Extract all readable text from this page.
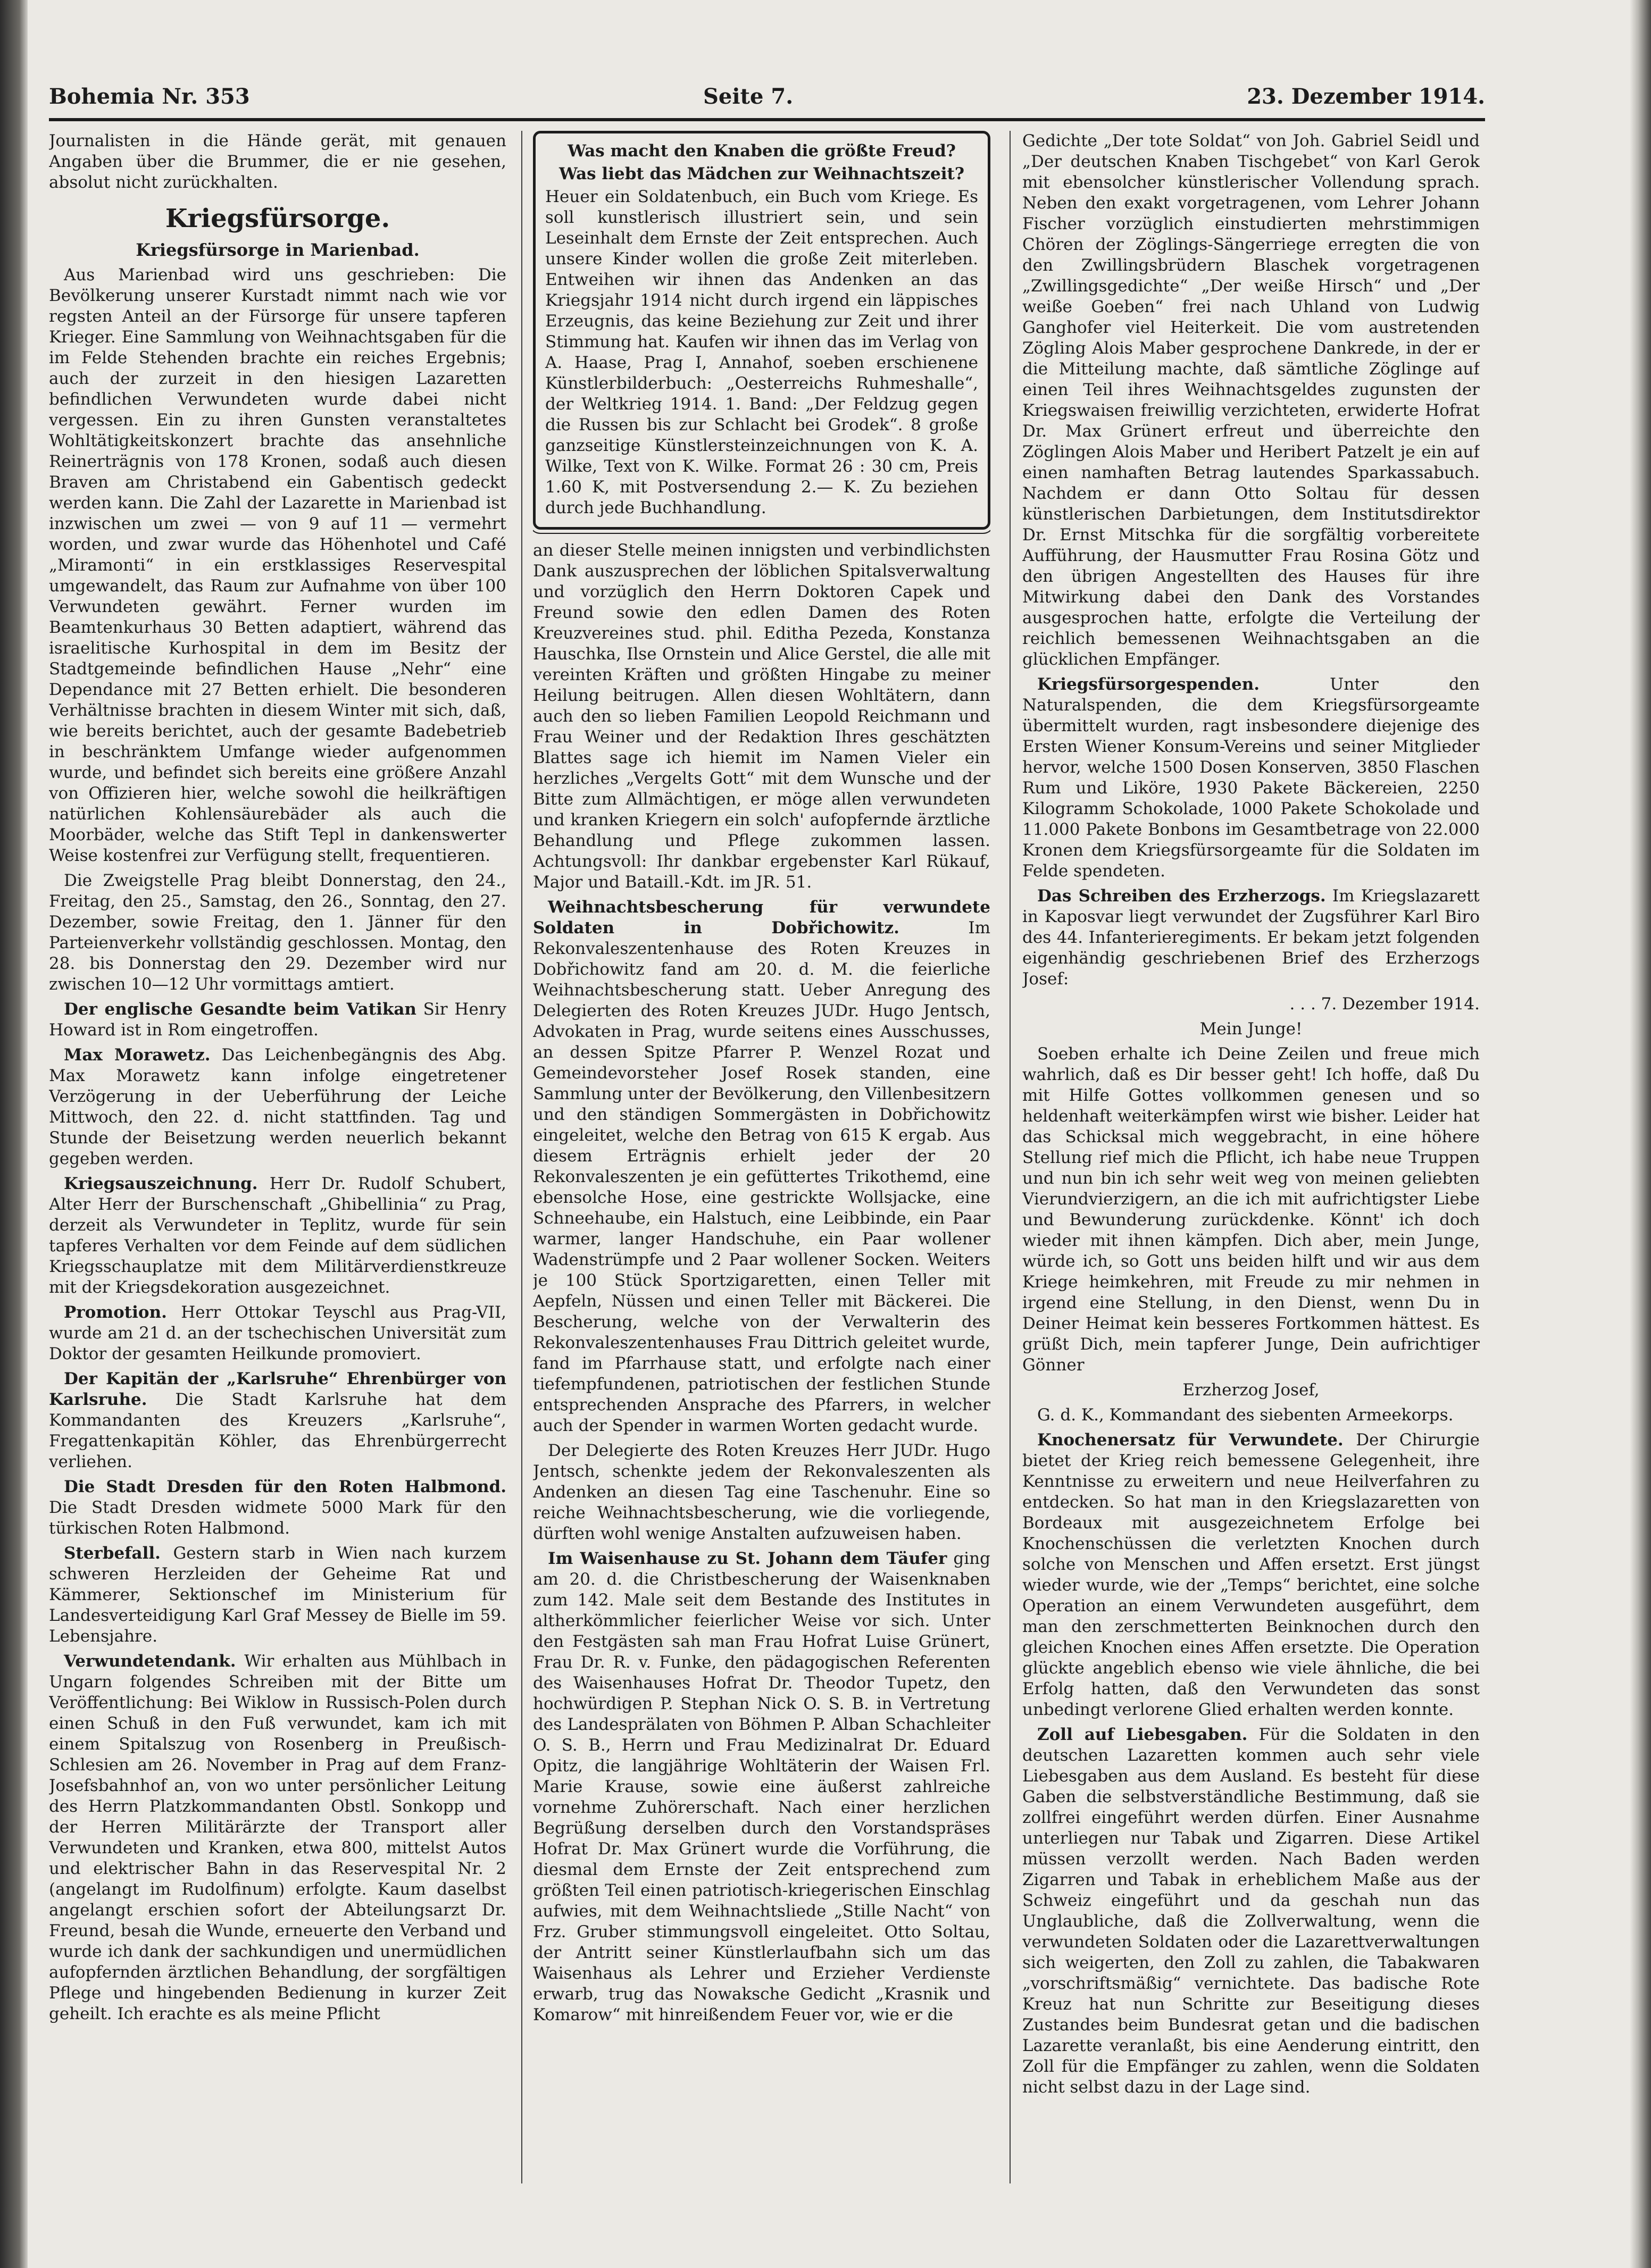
Bohemia Nr. 353	Seite 7.	23. Dezember 1914.

Journalisten in die Hände gerät, mit genauen Angaben über die Brummer, die er nie gesehen, absolut nicht zurückhalten.

Kriegsfürsorge.
Kriegsfürsorge in Marienbad.

Aus Marienbad wird uns geschrieben: Die Bevölkerung unserer Kurstadt nimmt nach wie vor regsten Anteil an der Fürsorge für unsere tapferen Krieger. Eine Sammlung von Weihnachtsgaben für die im Felde Stehenden brachte ein reiches Ergebnis; auch der zurzeit in den hiesigen Lazaretten befindlichen Verwundeten wurde dabei nicht vergessen. Ein zu ihren Gunsten veranstaltetes Wohltätigkeitskonzert brachte das ansehnliche Reinerträgnis von 178 Kronen, sodaß auch diesen Braven am Christabend ein Gabentisch gedeckt werden kann. Die Zahl der Lazarette in Marienbad ist inzwischen um zwei — von 9 auf 11 — vermehrt worden, und zwar wurde das Höhenhotel und Café „Miramonti“ in ein erstklassiges Reservespital umgewandelt, das Raum zur Aufnahme von über 100 Verwundeten gewährt. Ferner wurden im Beamtenkurhaus 30 Betten adaptiert, während das israelitische Kurhospital in dem im Besitz der Stadtgemeinde befindlichen Hause „Nehr“ eine Dependance mit 27 Betten erhielt. Die besonderen Verhältnisse brachten in diesem Winter mit sich, daß, wie bereits berichtet, auch der gesamte Badebetrieb in beschränktem Umfange wieder aufgenommen wurde, und befindet sich bereits eine größere Anzahl von Offizieren hier, welche sowohl die heilkräftigen natürlichen Kohlensäurebäder als auch die Moorbäder, welche das Stift Tepl in dankenswerter Weise kostenfrei zur Verfügung stellt, frequentieren.

Die Zweigstelle Prag bleibt Donnerstag, den 24., Freitag, den 25., Samstag, den 26., Sonntag, den 27. Dezember, sowie Freitag, den 1. Jänner für den Parteienverkehr vollständig geschlossen. Montag, den 28. bis Donnerstag den 29. Dezember wird nur zwischen 10—12 Uhr vormittags amtiert.

Der englische Gesandte beim Vatikan Sir Henry Howard ist in Rom eingetroffen.

Max Morawetz. Das Leichenbegängnis des Abg. Max Morawetz kann infolge eingetretener Verzögerung in der Ueberführung der Leiche Mittwoch, den 22. d. nicht stattfinden. Tag und Stunde der Beisetzung werden neuerlich bekannt gegeben werden.

Kriegsauszeichnung. Herr Dr. Rudolf Schubert, Alter Herr der Burschenschaft „Ghibellinia“ zu Prag, derzeit als Verwundeter in Teplitz, wurde für sein tapferes Verhalten vor dem Feinde auf dem südlichen Kriegsschauplatze mit dem Militärverdienstkreuze mit der Kriegsdekoration ausgezeichnet.

Promotion. Herr Ottokar Teyschl aus Prag-VII, wurde am 21 d. an der tschechischen Universität zum Doktor der gesamten Heilkunde promoviert.

Der Kapitän der „Karlsruhe“ Ehrenbürger von Karlsruhe. Die Stadt Karlsruhe hat dem Kommandanten des Kreuzers „Karlsruhe“, Fregattenkapitän Köhler, das Ehrenbürgerrecht verliehen.

Die Stadt Dresden für den Roten Halbmond. Die Stadt Dresden widmete 5000 Mark für den türkischen Roten Halbmond.

Sterbefall. Gestern starb in Wien nach kurzem schweren Herzleiden der Geheime Rat und Kämmerer, Sektionschef im Ministerium für Landesverteidigung Karl Graf Messey de Bielle im 59. Lebensjahre.

Verwundetendank. Wir erhalten aus Mühlbach in Ungarn folgendes Schreiben mit der Bitte um Veröffentlichung: Bei Wiklow in Russisch-Polen durch einen Schuß in den Fuß verwundet, kam ich mit einem Spitalszug von Rosenberg in Preußisch-Schlesien am 26. November in Prag auf dem Franz-Josefsbahnhof an, von wo unter persönlicher Leitung des Herrn Platzkommandanten Obstl. Sonkopp und der Herren Militärärzte der Transport aller Verwundeten und Kranken, etwa 800, mittelst Autos und elektrischer Bahn in das Reservespital Nr. 2 (angelangt im Rudolfinum) erfolgte. Kaum daselbst angelangt erschien sofort der Abteilungsarzt Dr. Freund, besah die Wunde, erneuerte den Verband und wurde ich dank der sachkundigen und unermüdlichen aufopfernden ärztlichen Behandlung, der sorgfältigen Pflege und hingebenden Bedienung in kurzer Zeit geheilt. Ich erachte es als meine Pflicht

Was macht den Knaben die größte Freud?

Was liebt das Mädchen zur Weihnachtszeit?

Heuer ein Soldatenbuch, ein Buch vom Kriege. Es soll kunstlerisch illustriert sein, und sein Leseinhalt dem Ernste der Zeit entsprechen. Auch unsere Kinder wollen die große Zeit miterleben. Entweihen wir ihnen das Andenken an das Kriegsjahr 1914 nicht durch irgend ein läppisches Erzeugnis, das keine Beziehung zur Zeit und ihrer Stimmung hat. Kaufen wir ihnen das im Verlag von A. Haase, Prag I, Annahof, soeben erschienene Künstlerbilderbuch: „Oesterreichs Ruhmeshalle“, der Weltkrieg 1914. 1. Band: „Der Feldzug gegen die Russen bis zur Schlacht bei Grodek“. 8 große ganzseitige Künstlersteinzeichnungen von K. A. Wilke, Text von K. Wilke. Format 26 : 30 cm, Preis 1.60 K, mit Postversendung 2.— K. Zu beziehen durch jede Buchhandlung.

an dieser Stelle meinen innigsten und verbindlichsten Dank auszusprechen der löblichen Spitalsverwaltung und vorzüglich den Herrn Doktoren Capek und Freund sowie den edlen Damen des Roten Kreuzvereines stud. phil. Editha Pezeda, Konstanza Hauschka, Ilse Ornstein und Alice Gerstel, die alle mit vereinten Kräften und größten Hingabe zu meiner Heilung beitrugen. Allen diesen Wohltätern, dann auch den so lieben Familien Leopold Reichmann und Frau Weiner und der Redaktion Ihres geschätzten Blattes sage ich hiemit im Namen Vieler ein herzliches „Vergelts Gott“ mit dem Wunsche und der Bitte zum Allmächtigen, er möge allen verwundeten und kranken Kriegern ein solch' aufopfernde ärztliche Behandlung und Pflege zukommen lassen. Achtungsvoll: Ihr dankbar ergebenster Karl Rükauf, Major und Bataill.-Kdt. im JR. 51.

Weihnachtsbescherung für verwundete Soldaten in Dobřichowitz.	Im Rekonvaleszentenhause des Roten Kreuzes in Dobřichowitz fand am 20. d. M. die feierliche Weihnachtsbescherung statt. Ueber Anregung des Delegierten des Roten Kreuzes JUDr. Hugo Jentsch, Advokaten in Prag, wurde seitens eines Ausschusses, an dessen Spitze Pfarrer P. Wenzel Rozat und Gemeindevorsteher Josef Rosek standen, eine Sammlung unter der Bevölkerung, den Villenbesitzern und den ständigen Sommergästen in Dobřichowitz eingeleitet, welche den Betrag von 615 K ergab. Aus diesem Erträgnis erhielt jeder der 20 Rekonvaleszenten je ein gefüttertes Trikothemd, eine ebensolche Hose, eine gestrickte Wollsjacke, eine Schneehaube, ein Halstuch, eine Leibbinde, ein Paar warmer, langer Handschuhe, ein Paar wollener Wadenstrümpfe und 2 Paar wollener Socken. Weiters je 100 Stück Sportzigaretten, einen Teller mit Aepfeln, Nüssen und einen Teller mit Bäckerei. Die Bescherung, welche von der Verwalterin des Rekonvaleszentenhauses Frau Dittrich geleitet wurde, fand im Pfarrhause statt, und erfolgte nach einer tiefempfundenen, patriotischen der festlichen Stunde entsprechenden Ansprache des Pfarrers, in welcher auch der Spender in warmen Worten gedacht wurde.

Der Delegierte des Roten Kreuzes Herr JUDr. Hugo Jentsch, schenkte jedem der Rekonvaleszenten als Andenken an diesen Tag eine Taschenuhr. Eine so reiche Weihnachtsbescherung, wie die vorliegende, dürften wohl wenige Anstalten aufzuweisen haben.

Im Waisenhause zu St. Johann dem Täufer ging am 20. d. die Christbescherung der Waisenknaben zum 142. Male seit dem Bestande des Institutes in altherkömmlicher feierlicher Weise vor sich. Unter den Festgästen sah man Frau Hofrat Luise Grünert, Frau Dr. R. v. Funke, den pädagogischen Referenten des Waisenhauses Hofrat Dr. Theodor Tupetz, den hochwürdigen P. Stephan Nick O. S. B. in Vertretung des Landesprälaten von Böhmen P. Alban Schachleiter O. S. B., Herrn und Frau Medizinalrat Dr. Eduard Opitz, die langjährige Wohltäterin der Waisen Frl. Marie Krause, sowie eine äußerst zahlreiche vornehme Zuhörerschaft. Nach einer herzlichen Begrüßung derselben durch den Vorstandspräses Hofrat Dr. Max Grünert wurde die Vorführung, die diesmal dem Ernste der Zeit entsprechend zum größten Teil einen patriotisch-kriegerischen Einschlag aufwies, mit dem Weihnachtsliede „Stille Nacht“ von Frz. Gruber stimmungsvoll eingeleitet. Otto Soltau, der Antritt seiner Künstlerlaufbahn sich um das Waisenhaus als Lehrer und Erzieher Verdienste erwarb, trug das Nowaksche Gedicht „Krasnik und Komarow“ mit hinreißendem Feuer vor, wie er die

Gedichte „Der tote Soldat“ von Joh. Gabriel Seidl und „Der deutschen Knaben Tischgebet“ von Karl Gerok mit ebensolcher künstlerischer Vollendung sprach. Neben den exakt vorgetragenen, vom Lehrer Johann Fischer vorzüglich einstudierten mehrstimmigen Chören der Zöglings-Sängerriege erregten die von den Zwillingsbrüdern Blaschek vorgetragenen „Zwillingsgedichte“ „Der weiße Hirsch“ und „Der weiße Goeben“ frei nach Uhland von Ludwig Ganghofer viel Heiterkeit. Die vom austretenden Zögling Alois Maber gesprochene Dankrede, in der er die Mitteilung machte, daß sämtliche Zöglinge auf einen Teil ihres Weihnachtsgeldes zugunsten der Kriegswaisen freiwillig verzichteten, erwiderte Hofrat Dr. Max Grünert erfreut und überreichte den Zöglingen Alois Maber und Heribert Patzelt je ein auf einen namhaften Betrag lautendes Sparkassabuch. Nachdem er dann Otto Soltau für dessen künstlerischen Darbietungen, dem Institutsdirektor Dr. Ernst Mitschka für die sorgfältig vorbereitete Aufführung, der Hausmutter Frau Rosina Götz und den übrigen Angestellten des Hauses für ihre Mitwirkung dabei den Dank des Vorstandes ausgesprochen hatte, erfolgte die Verteilung der reichlich bemessenen Weihnachtsgaben an die glücklichen Empfänger.

Kriegsfürsorgespenden.	Unter den Naturalspenden, die dem Kriegsfürsorgeamte übermittelt wurden, ragt insbesondere diejenige des Ersten Wiener Konsum-Vereins und seiner Mitglieder hervor, welche 1500 Dosen Konserven, 3850 Flaschen Rum und Liköre, 1930 Pakete Bäckereien, 2250 Kilogramm Schokolade, 1000 Pakete Schokolade und 11.000 Pakete Bonbons im Gesamtbetrage von 22.000 Kronen dem Kriegsfürsorgeamte für die Soldaten im Felde spendeten.

Das Schreiben des Erzherzogs. Im Kriegslazarett in Kaposvar liegt verwundet der Zugsführer Karl Biro des 44. Infanterieregiments. Er bekam jetzt folgenden eigenhändig geschriebenen Brief des Erzherzogs Josef:

. . . 7. Dezember 1914.

Mein Junge!

Soeben erhalte ich Deine Zeilen und freue mich wahrlich, daß es Dir besser geht! Ich hoffe, daß Du mit Hilfe Gottes vollkommen genesen und so heldenhaft weiterkämpfen wirst wie bisher. Leider hat das Schicksal mich weggebracht, in eine höhere Stellung rief mich die Pflicht, ich habe neue Truppen und nun bin ich sehr weit weg von meinen geliebten Vierundvierzigern, an die ich mit aufrichtigster Liebe und Bewunderung zurückdenke. Könnt' ich doch wieder mit ihnen kämpfen. Dich aber, mein Junge, würde ich, so Gott uns beiden hilft und wir aus dem Kriege heimkehren, mit Freude zu mir nehmen in irgend eine Stellung, in den Dienst, wenn Du in Deiner Heimat kein besseres Fortkommen hättest. Es grüßt Dich, mein tapferer Junge, Dein aufrichtiger Gönner

Erzherzog Josef,

G. d. K., Kommandant des siebenten Armeekorps.

Knochenersatz für Verwundete. Der Chirurgie bietet der Krieg reich bemessene Gelegenheit, ihre Kenntnisse zu erweitern und neue Heilverfahren zu entdecken. So hat man in den Kriegslazaretten von Bordeaux mit ausgezeichnetem Erfolge bei Knochenschüssen die verletzten Knochen durch solche von Menschen und Affen ersetzt. Erst jüngst wieder wurde, wie der „Temps“ berichtet, eine solche Operation an einem Verwundeten ausgeführt, dem man den zerschmetterten Beinknochen durch den gleichen Knochen eines Affen ersetzte. Die Operation glückte angeblich ebenso wie viele ähnliche, die bei Erfolg hatten, daß den Verwundeten das sonst unbedingt verlorene Glied erhalten werden konnte.

Zoll auf Liebesgaben. Für die Soldaten in den deutschen Lazaretten kommen auch sehr viele Liebesgaben aus dem Ausland. Es besteht für diese Gaben die selbstverständliche Bestimmung, daß sie zollfrei eingeführt werden dürfen. Einer Ausnahme unterliegen nur Tabak und Zigarren. Diese Artikel müssen verzollt werden. Nach Baden werden Zigarren und Tabak in erheblichem Maße aus der Schweiz eingeführt und da geschah nun das Unglaubliche, daß die Zollverwaltung, wenn die verwundeten Soldaten oder die Lazarettverwaltungen sich weigerten, den Zoll zu zahlen, die Tabakwaren „vorschriftsmäßig“ vernichtete. Das badische Rote Kreuz hat nun Schritte zur Beseitigung dieses Zustandes beim Bundesrat getan und die badischen Lazarette veranlaßt, bis eine Aenderung eintritt, den Zoll für die Empfänger zu zahlen, wenn die Soldaten nicht selbst dazu in der Lage sind.
